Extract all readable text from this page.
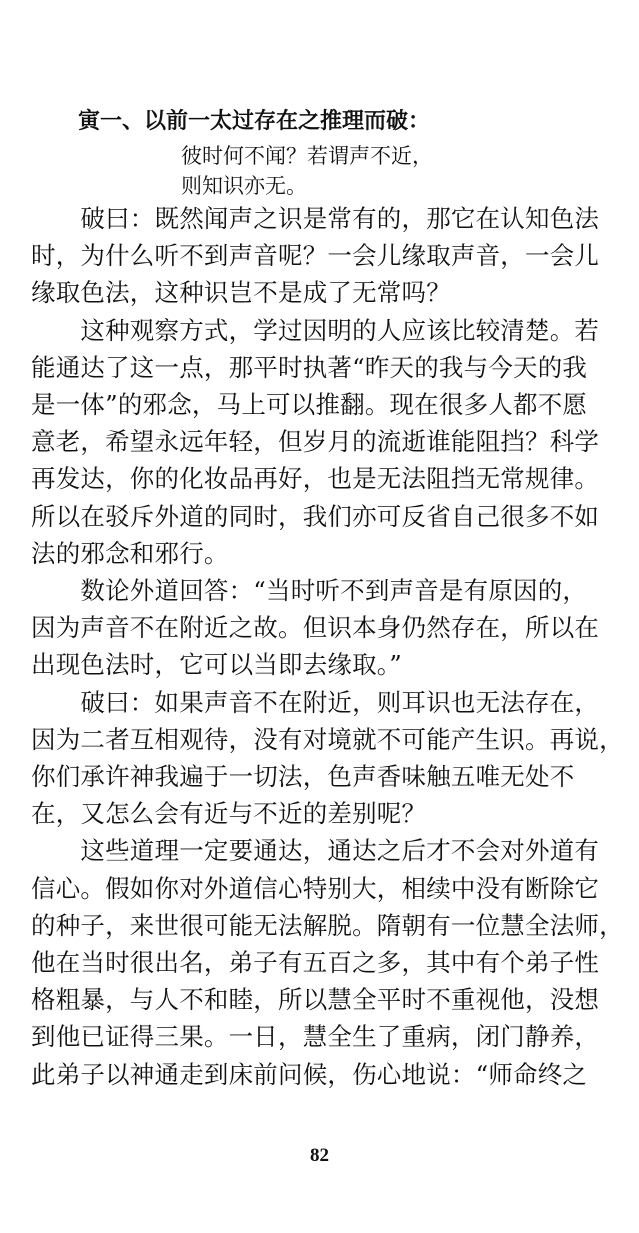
寅一、以前一太过存在之推理而破：
彼时何不闻？若谓声不近，
则知识亦无。
　　破曰：既然闻声之识是常有的，那它在认知色法
时，为什么听不到声音呢？一会儿缘取声音，一会儿
缘取色法，这种识岂不是成了无常吗？
　　这种观察方式，学过因明的人应该比较清楚。若
能通达了这一点，那平时执著“昨天的我与今天的我
是一体”的邪念，马上可以推翻。现在很多人都不愿
意老，希望永远年轻，但岁月的流逝谁能阻挡？科学
再发达，你的化妆品再好，也是无法阻挡无常规律。
所以在驳斥外道的同时，我们亦可反省自己很多不如
法的邪念和邪行。
　　数论外道回答：“当时听不到声音是有原因的，
因为声音不在附近之故。但识本身仍然存在，所以在
出现色法时，它可以当即去缘取。”
　　破曰：如果声音不在附近，则耳识也无法存在，
因为二者互相观待，没有对境就不可能产生识。再说，
你们承许神我遍于一切法，色声香味触五唯无处不
在，又怎么会有近与不近的差别呢？
　　这些道理一定要通达，通达之后才不会对外道有
信心。假如你对外道信心特别大，相续中没有断除它
的种子，来世很可能无法解脱。隋朝有一位慧全法师，
他在当时很出名，弟子有五百之多，其中有个弟子性
格粗暴，与人不和睦，所以慧全平时不重视他，没想
到他已证得三果。一日，慧全生了重病，闭门静养，
此弟子以神通走到床前问候，伤心地说：“师命终之
82
